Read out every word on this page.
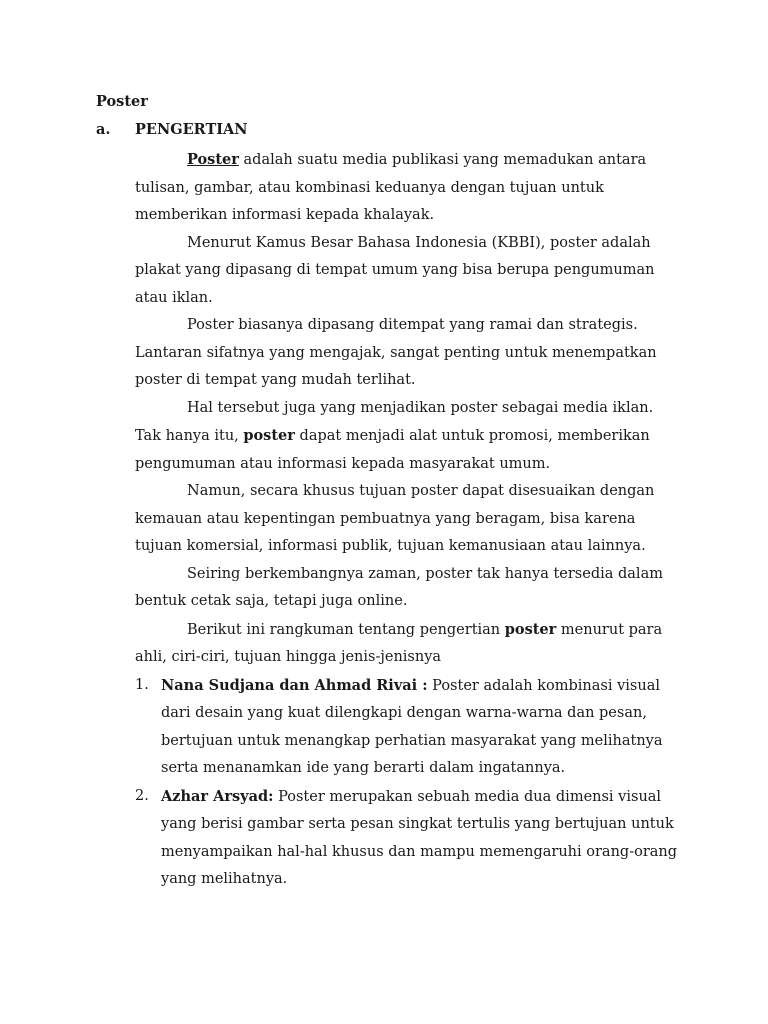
Poster
a. PENGERTIAN

Poster adalah suatu media publikasi yang memadukan antara tulisan, gambar, atau kombinasi keduanya dengan tujuan untuk memberikan informasi kepada khalayak.

Menurut Kamus Besar Bahasa Indonesia (KBBI), poster adalah plakat yang dipasang di tempat umum yang bisa berupa pengumuman atau iklan.

Poster biasanya dipasang ditempat yang ramai dan strategis. Lantaran sifatnya yang mengajak, sangat penting untuk menempatkan poster di tempat yang mudah terlihat.

Hal tersebut juga yang menjadikan poster sebagai media iklan. Tak hanya itu, poster dapat menjadi alat untuk promosi, memberikan pengumuman atau informasi kepada masyarakat umum.

Namun, secara khusus tujuan poster dapat disesuaikan dengan kemauan atau kepentingan pembuatnya yang beragam, bisa karena tujuan komersial, informasi publik, tujuan kemanusiaan atau lainnya.

Seiring berkembangnya zaman, poster tak hanya tersedia dalam bentuk cetak saja, tetapi juga online.

Berikut ini rangkuman tentang pengertian poster menurut para ahli, ciri-ciri, tujuan hingga jenis-jenisnya

1. Nana Sudjana dan Ahmad Rivai : Poster adalah kombinasi visual dari desain yang kuat dilengkapi dengan warna-warna dan pesan, bertujuan untuk menangkap perhatian masyarakat yang melihatnya serta menanamkan ide yang berarti dalam ingatannya.
2. Azhar Arsyad: Poster merupakan sebuah media dua dimensi visual yang berisi gambar serta pesan singkat tertulis yang bertujuan untuk menyampaikan hal-hal khusus dan mampu memengaruhi orang-orang yang melihatnya.
